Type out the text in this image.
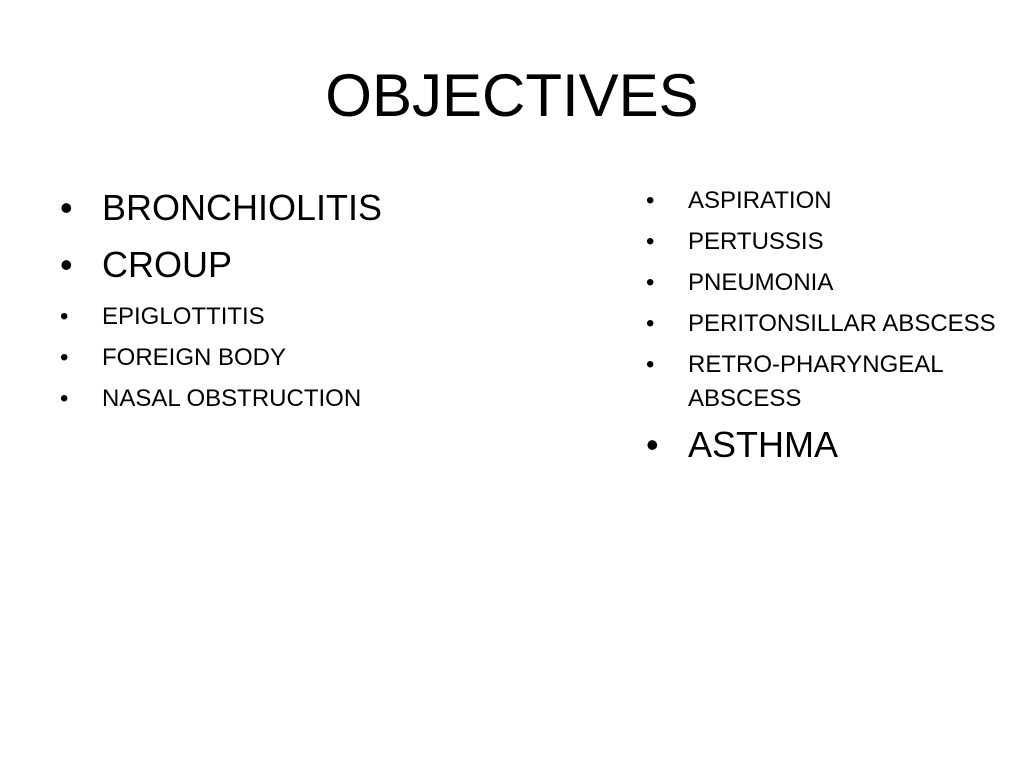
OBJECTIVES
• BRONCHIOLITIS
• CROUP
• EPIGLOTTITIS
• FOREIGN BODY
• NASAL OBSTRUCTION
• ASPIRATION
• PERTUSSIS
• PNEUMONIA
• PERITONSILLAR ABSCESS
• RETRO-PHARYNGEAL ABSCESS
• ASTHMA
